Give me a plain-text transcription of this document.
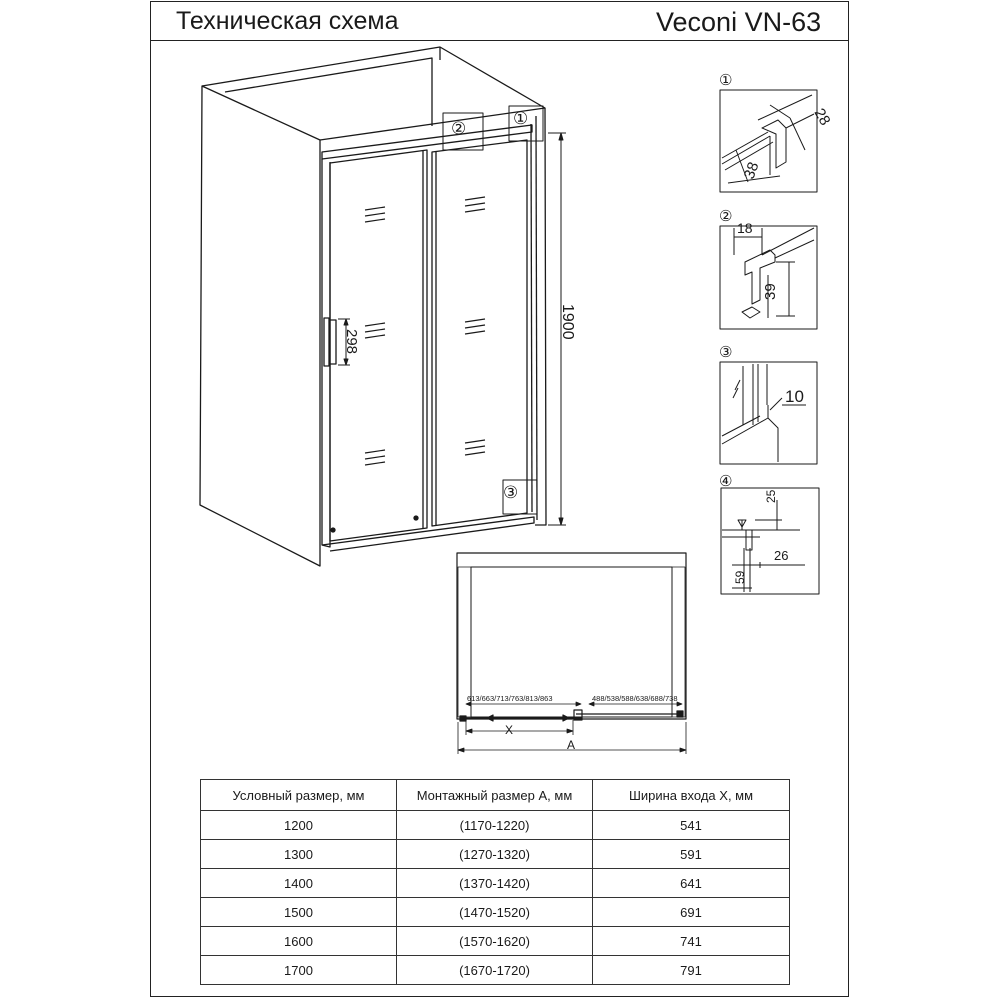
Техническая схема	Veconi VN-63
298
1900
②
①
③
①
28
38
②
18
39
③
10
④
25
26
59
613/663/713/763/813/863	488/538/588/638/688/738
X
A
Условный размер, мм	Монтажный размер А, мм	Ширина входа Х, мм
1200	(1170-1220)	541
1300	(1270-1320)	591
1400	(1370-1420)	641
1500	(1470-1520)	691
1600	(1570-1620)	741
1700	(1670-1720)	791
